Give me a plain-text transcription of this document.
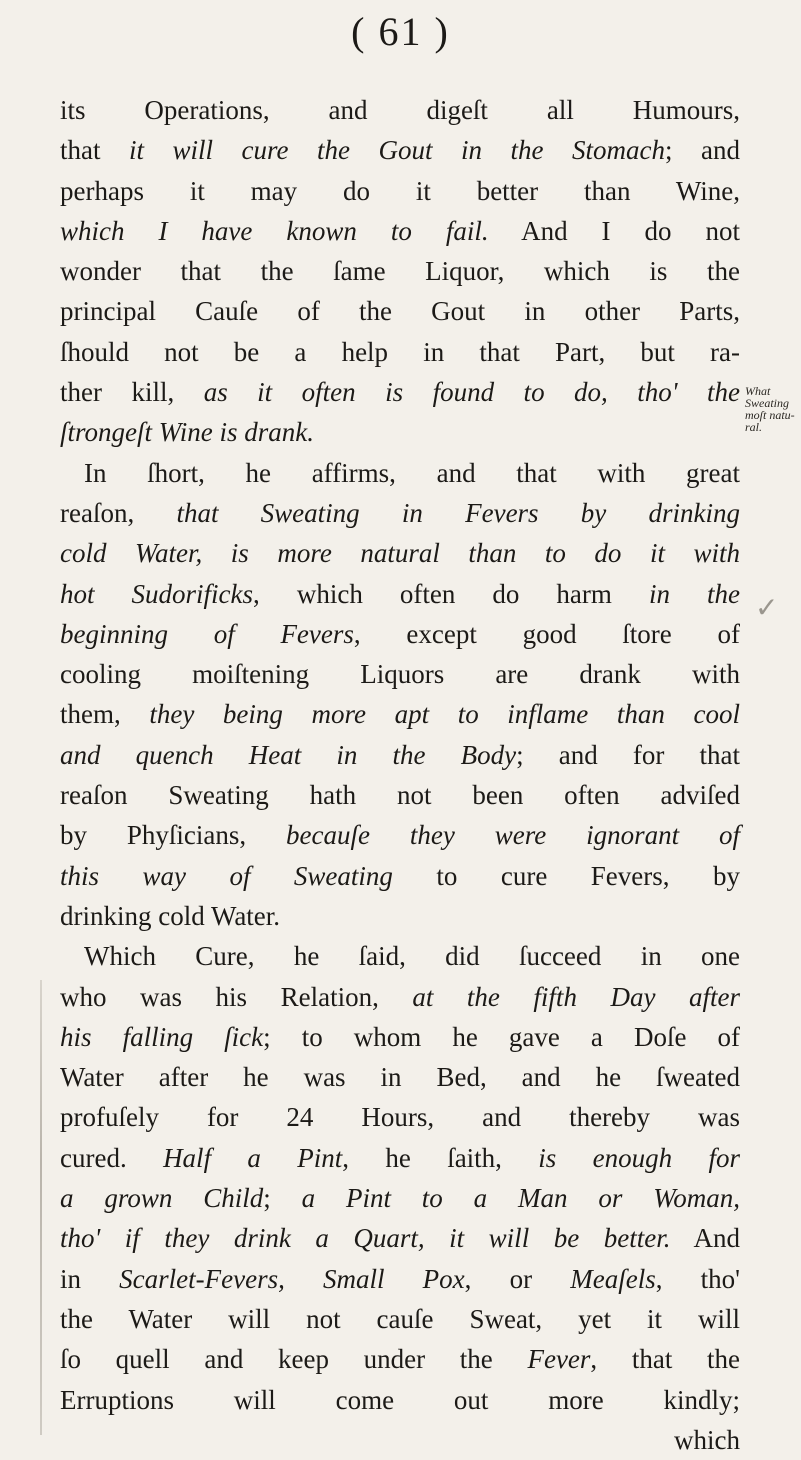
( 61 )
its Operations, and digeſt all Humours,
that it will cure the Gout in the Stomach; and
perhaps it may do it better than Wine,
which I have known to fail. And I do not
wonder that the ſame Liquor, which is the
principal Cauſe of the Gout in other Parts,
ſhould not be a help in that Part, but ra-
ther kill, as it often is found to do, tho' the
ſtrongeſt Wine is drank.
In ſhort, he affirms, and that with great
reaſon, that Sweating in Fevers by drinking
cold Water, is more natural than to do it with
hot Sudorificks, which often do harm in the
beginning of Fevers, except good ſtore of
cooling moiſtening Liquors are drank with
them, they being more apt to inflame than cool
and quench Heat in the Body; and for that
reaſon Sweating hath not been often adviſed
by Phyſicians, becauſe they were ignorant of
this way of Sweating to cure Fevers, by
drinking cold Water.
Which Cure, he ſaid, did ſucceed in one
who was his Relation, at the fifth Day after
his falling ſick; to whom he gave a Doſe of
Water after he was in Bed, and he ſweated
profuſely for 24 Hours, and thereby was
cured. Half a Pint, he ſaith, is enough for
a grown Child; a Pint to a Man or Woman,
tho' if they drink a Quart, it will be better. And
in Scarlet-Fevers, Small Pox, or Meaſels, tho'
the Water will not cauſe Sweat, yet it will
ſo quell and keep under the Fever, that the
Erruptions will come out more kindly;
which
What
Sweating
moſt natu-
ral.
✓
